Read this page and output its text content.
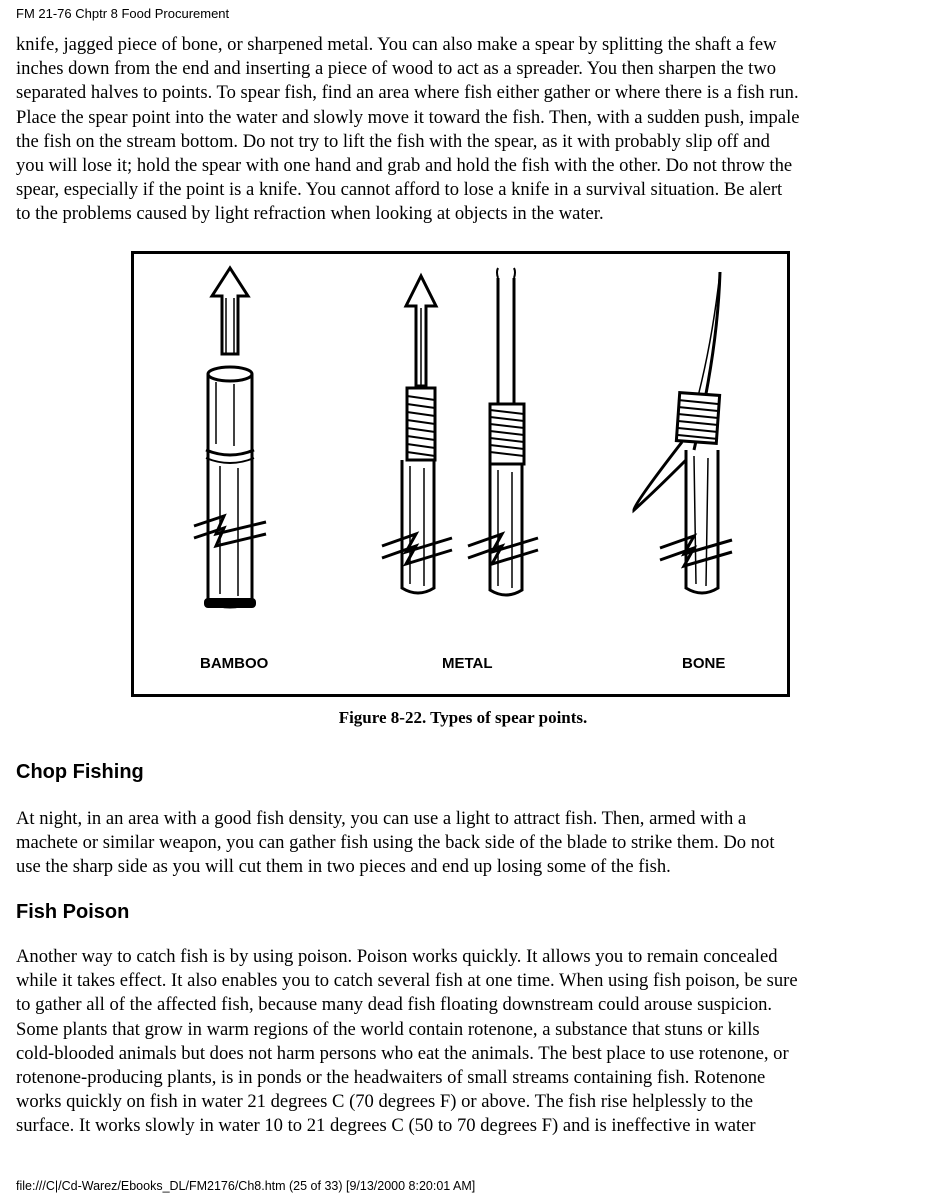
FM 21-76 Chptr 8 Food Procurement
knife, jagged piece of bone, or sharpened metal. You can also make a spear by splitting the shaft a few
inches down from the end and inserting a piece of wood to act as a spreader. You then sharpen the two
separated halves to points. To spear fish, find an area where fish either gather or where there is a fish run.
Place the spear point into the water and slowly move it toward the fish. Then, with a sudden push, impale
the fish on the stream bottom. Do not try to lift the fish with the spear, as it with probably slip off and
you will lose it; hold the spear with one hand and grab and hold the fish with the other. Do not throw the
spear, especially if the point is a knife. You cannot afford to lose a knife in a survival situation. Be alert
to the problems caused by light refraction when looking at objects in the water.
BAMBOO	METAL	BONE
Figure 8-22. Types of spear points.
Chop Fishing
At night, in an area with a good fish density, you can use a light to attract fish. Then, armed with a
machete or similar weapon, you can gather fish using the back side of the blade to strike them. Do not
use the sharp side as you will cut them in two pieces and end up losing some of the fish.
Fish Poison
Another way to catch fish is by using poison. Poison works quickly. It allows you to remain concealed
while it takes effect. It also enables you to catch several fish at one time. When using fish poison, be sure
to gather all of the affected fish, because many dead fish floating downstream could arouse suspicion.
Some plants that grow in warm regions of the world contain rotenone, a substance that stuns or kills
cold-blooded animals but does not harm persons who eat the animals. The best place to use rotenone, or
rotenone-producing plants, is in ponds or the headwaiters of small streams containing fish. Rotenone
works quickly on fish in water 21 degrees C (70 degrees F) or above. The fish rise helplessly to the
surface. It works slowly in water 10 to 21 degrees C (50 to 70 degrees F) and is ineffective in water
file:///C|/Cd-Warez/Ebooks_DL/FM2176/Ch8.htm (25 of 33) [9/13/2000 8:20:01 AM]
